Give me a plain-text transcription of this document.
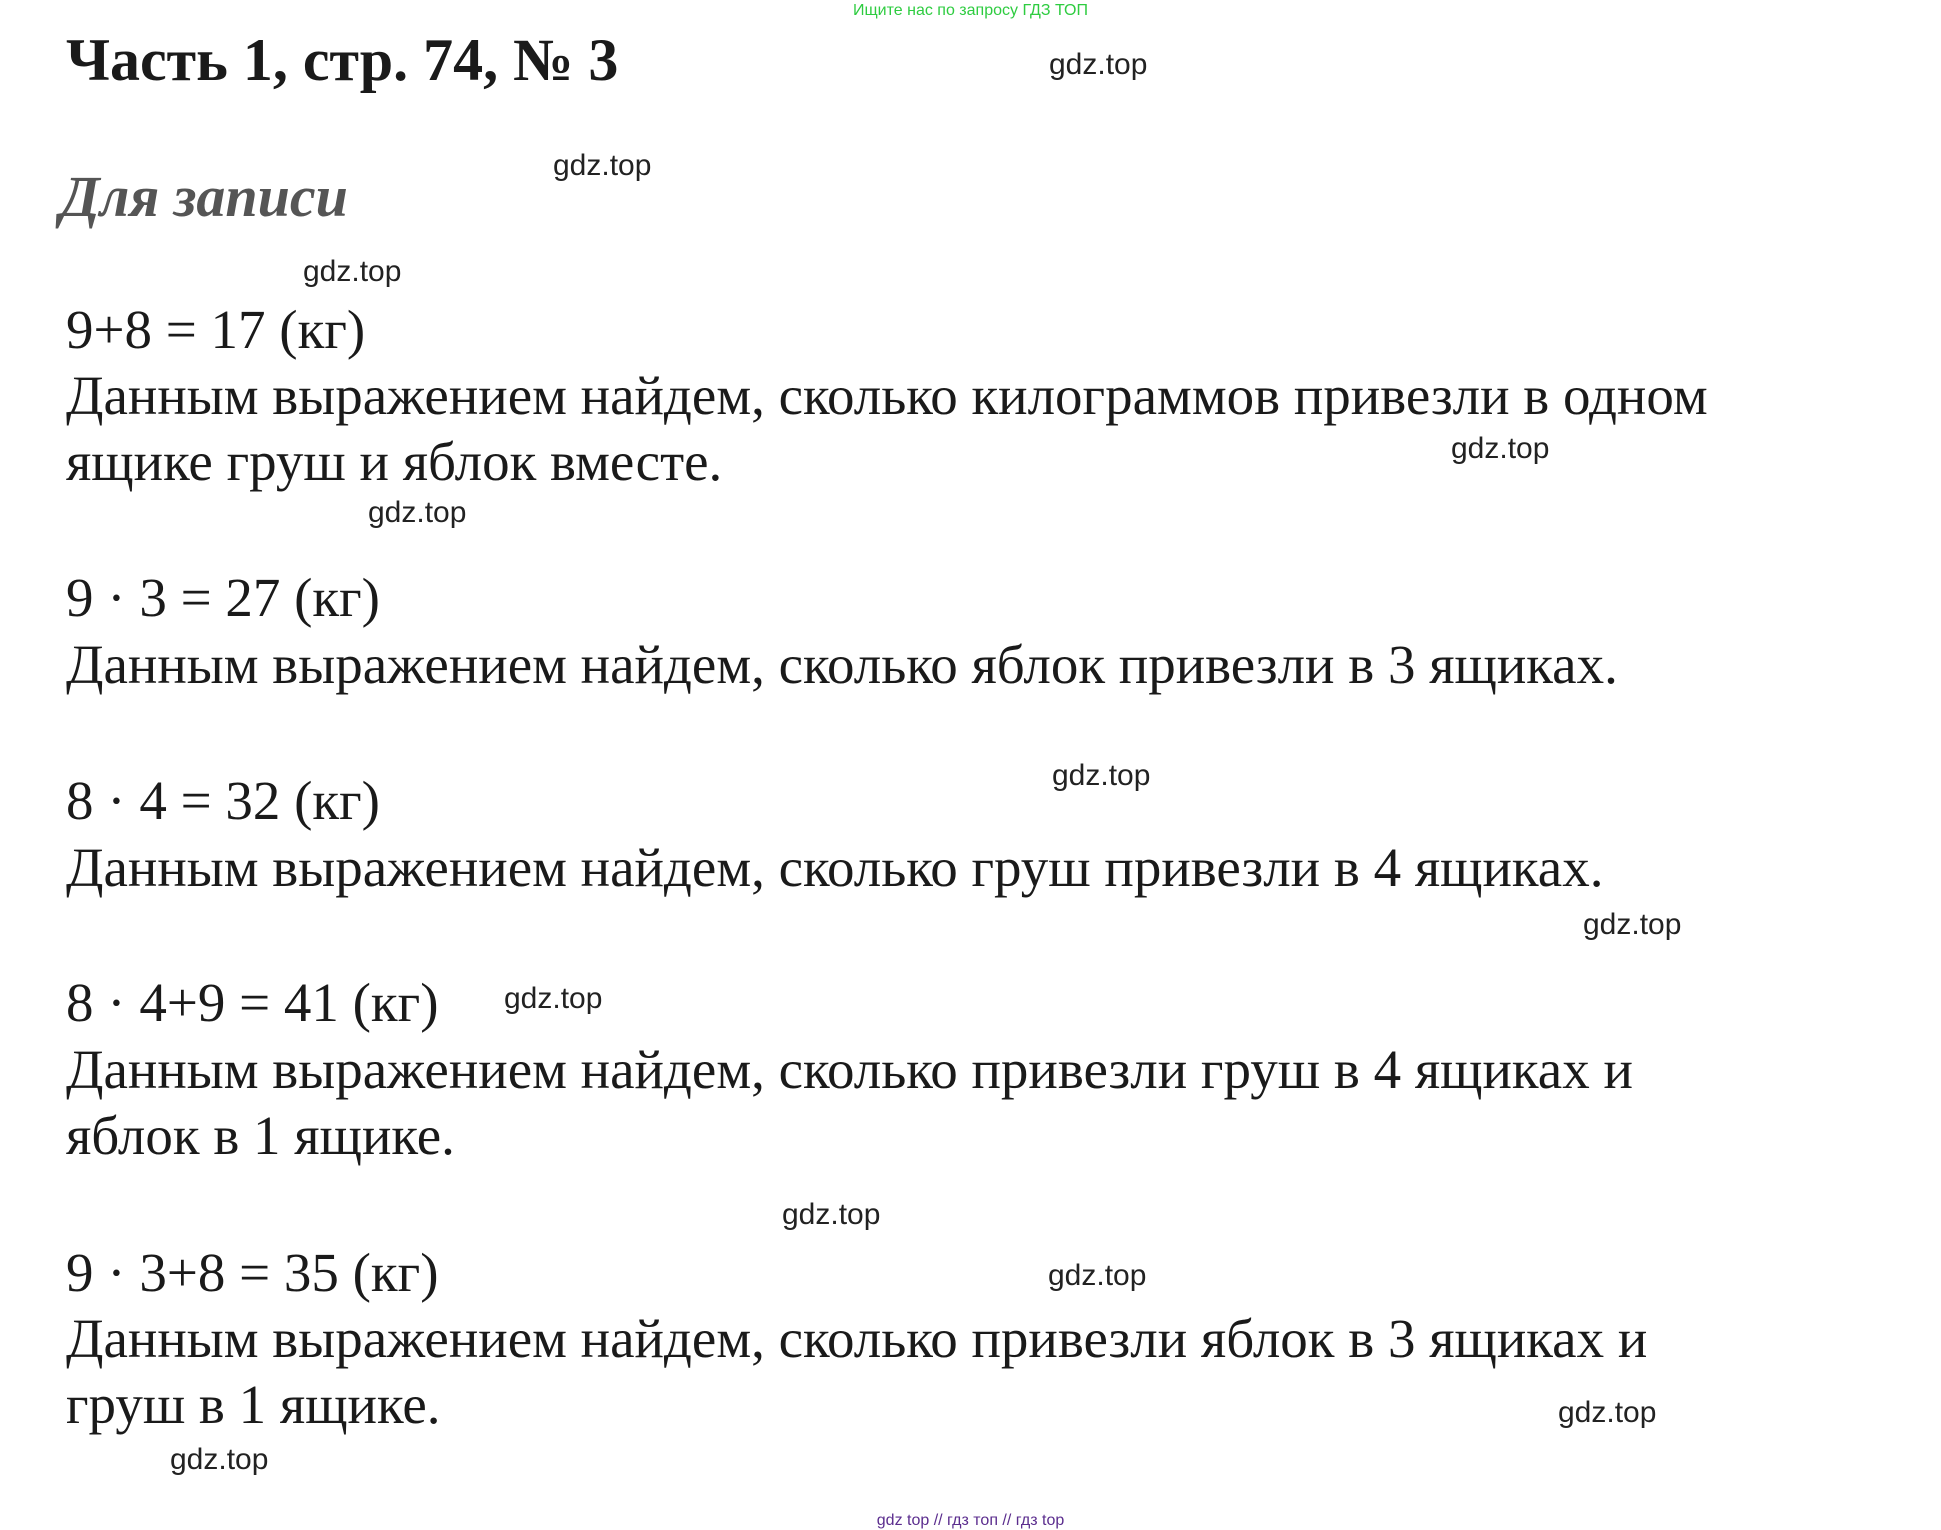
Ищите нас по запросу ГДЗ ТОП
Часть 1, стр. 74, № 3
Для записи

9+8 = 17 (кг)

Данным выражением найдем, сколько килограммов привезли в одном

ящике груш и яблок вместе.

9 · 3 = 27 (кг)

Данным выражением найдем, сколько яблок привезли в 3 ящиках.

8 · 4 = 32 (кг)

Данным выражением найдем, сколько груш привезли в 4 ящиках.

8 · 4+9 = 41 (кг)

Данным выражением найдем, сколько привезли груш в 4 ящиках и

яблок в 1 ящике.

9 · 3+8 = 35 (кг)

Данным выражением найдем, сколько привезли яблок в 3 ящиках и

груш в 1 ящике.

gdz.top
gdz.top
gdz.top
gdz.top
gdz.top
gdz.top
gdz.top
gdz.top
gdz.top
gdz.top
gdz.top
gdz.top
gdz top // гдз топ // гдз top
